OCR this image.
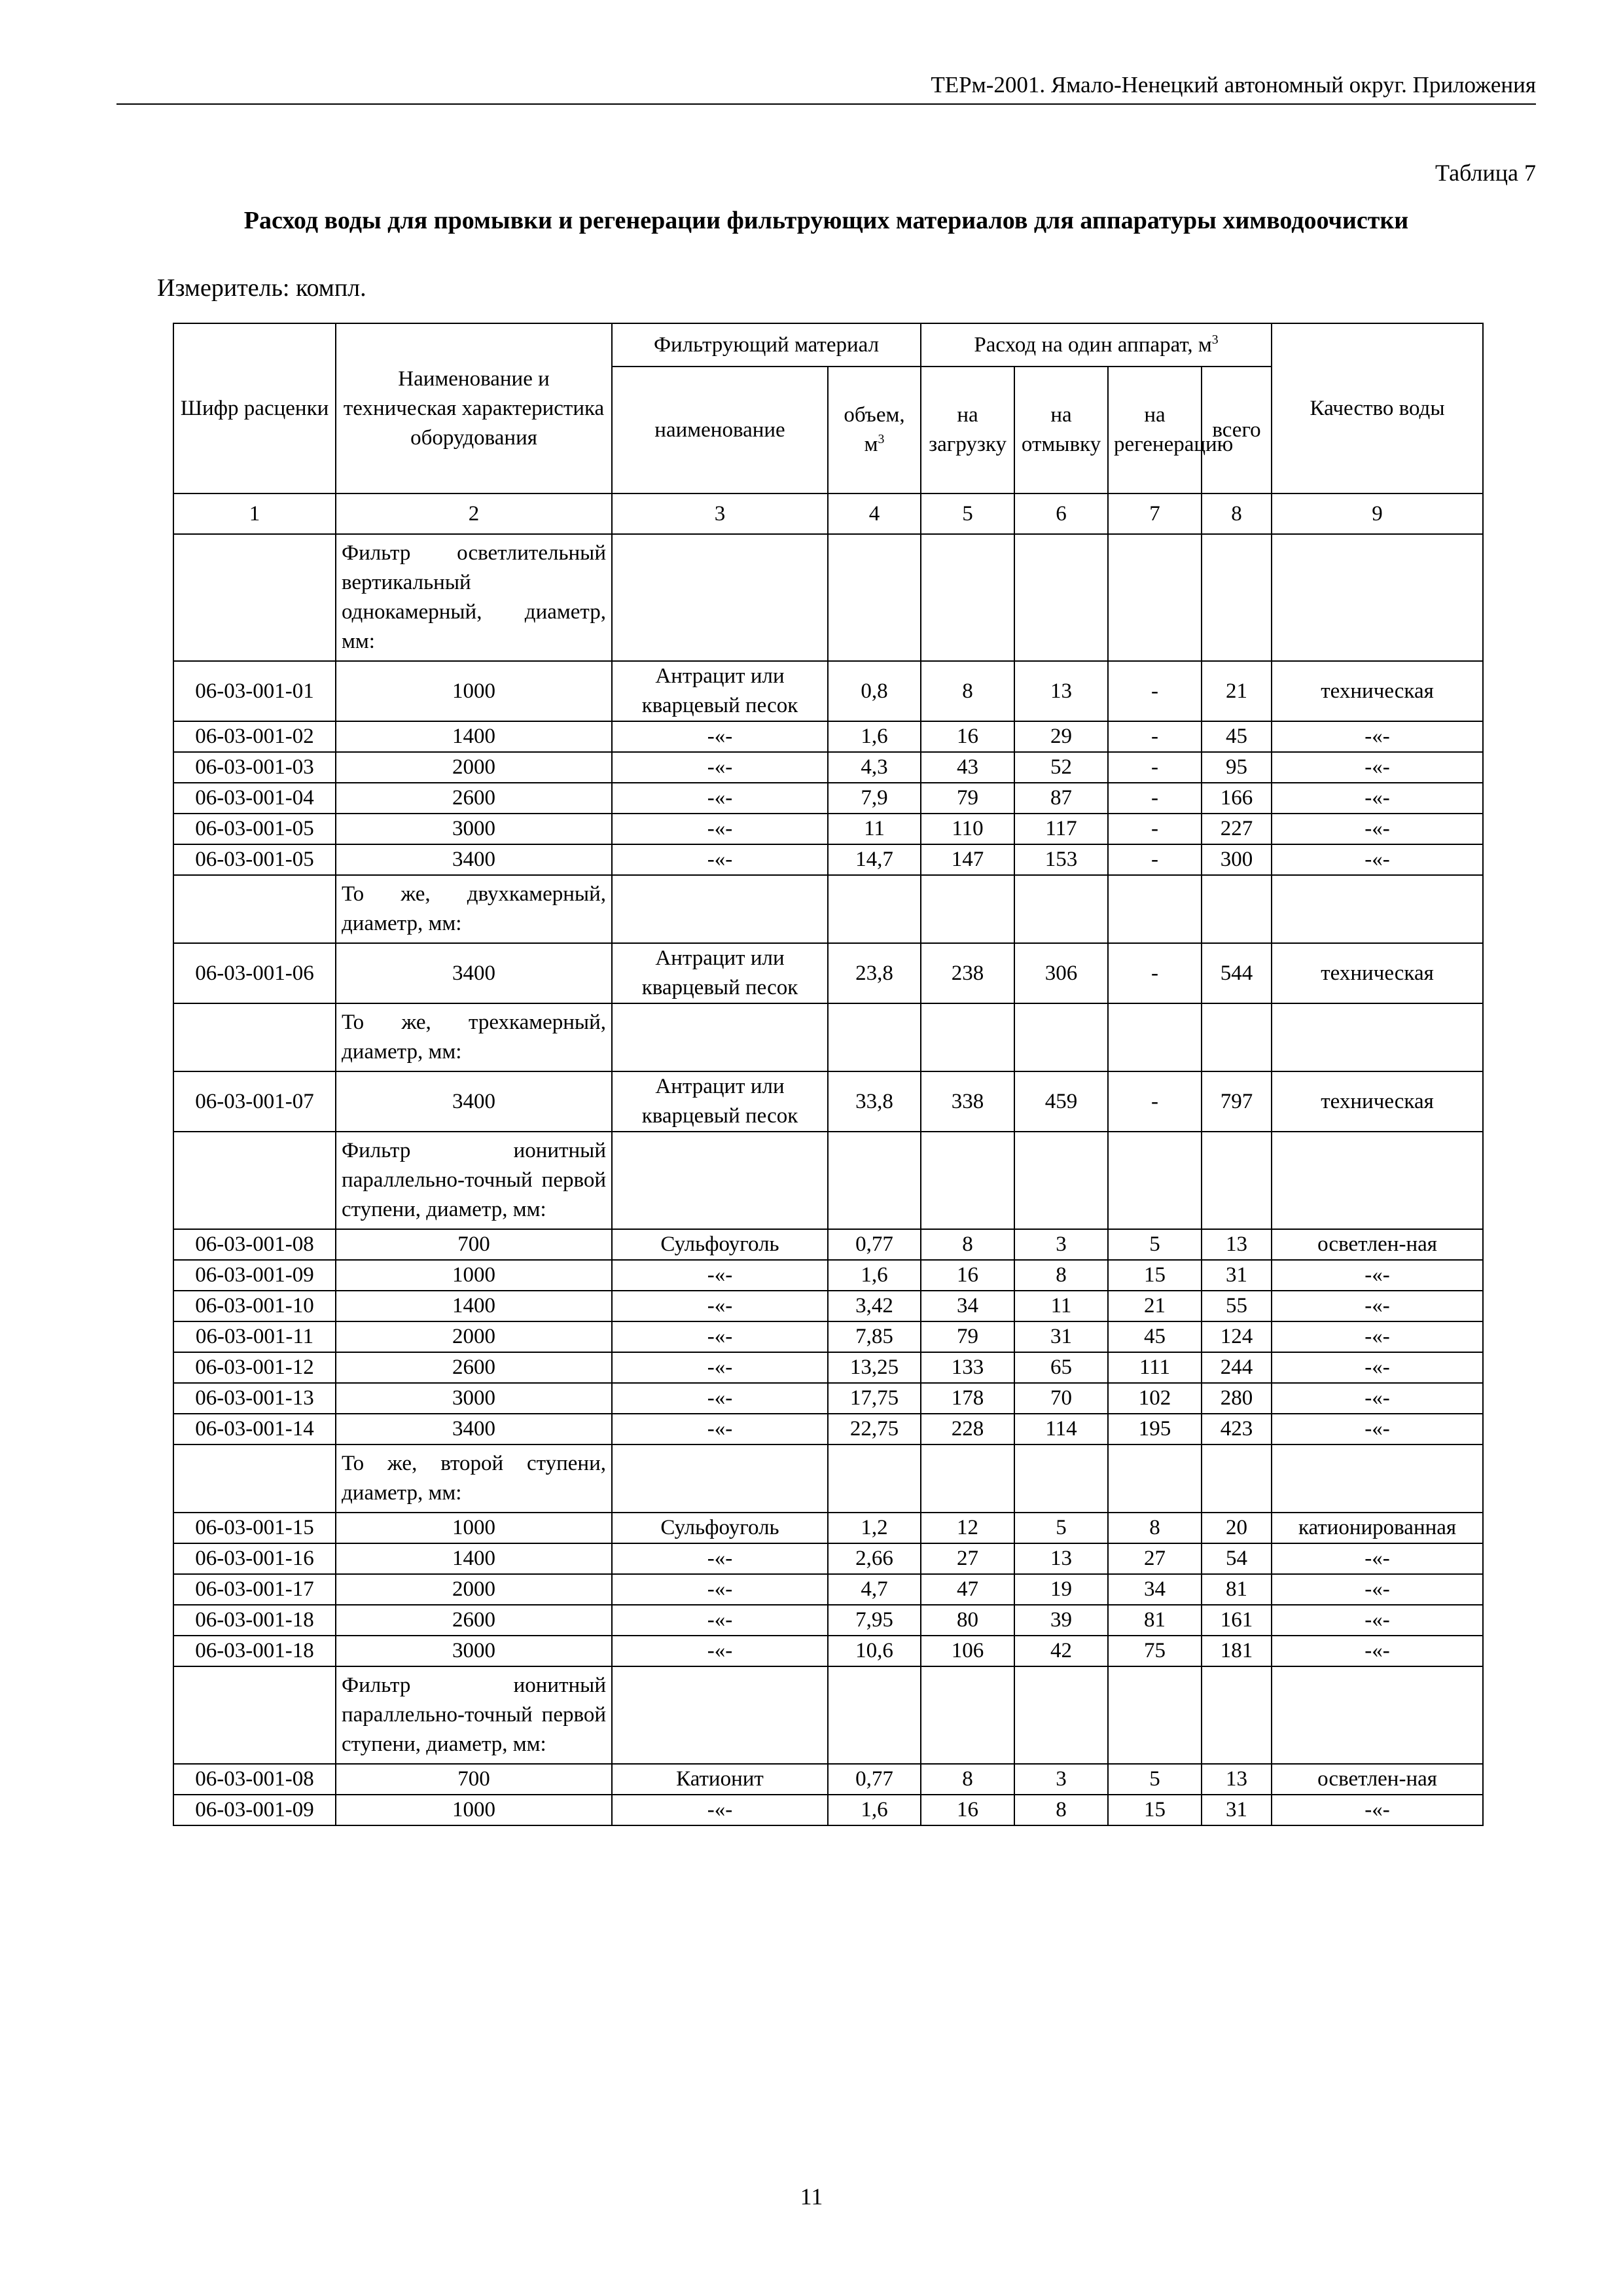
ТЕРм-2001. Ямало-Ненецкий автономный округ. Приложения
Таблица 7
Расход воды для промывки и регенерации фильтрующих материалов для аппаратуры химводоочистки
Измеритель: компл.
Шифр расценки	Наименование и техническая характеристика оборудования	Фильтрующий материал		Расход на один аппарат, $м^3$				Качество воды
		наименование	объем, $м^3$	на загрузку	на отмывку	на регенерацию	всего	
1	2	3	4	5	6	7	8	9
	Фильтр осветлительный вертикальный однокамерный, диаметр, мм:							
06-03-001-01	1000	Антрацит или кварцевый песок	0,8	8	13	-	21	техническая
06-03-001-02	1400	-«-	1,6	16	29	-	45	-«-
06-03-001-03	2000	-«-	4,3	43	52	-	95	-«-
06-03-001-04	2600	-«-	7,9	79	87	-	166	-«-
06-03-001-05	3000	-«-	11	110	117	-	227	-«-
06-03-001-05	3400	-«-	14,7	147	153	-	300	-«-
	То же, двухкамерный, диаметр, мм:							
06-03-001-06	3400	Антрацит или кварцевый песок	23,8	238	306	-	544	техническая
	То же, трехкамерный, диаметр, мм:							
06-03-001-07	3400	Антрацит или кварцевый песок	33,8	338	459	-	797	техническая
	Фильтр ионитный параллельно-точный первой ступени, диаметр, мм:							
06-03-001-08	700	Сульфоуголь	0,77	8	3	5	13	осветлен-ная
06-03-001-09	1000	-«-	1,6	16	8	15	31	-«-
06-03-001-10	1400	-«-	3,42	34	11	21	55	-«-
06-03-001-11	2000	-«-	7,85	79	31	45	124	-«-
06-03-001-12	2600	-«-	13,25	133	65	111	244	-«-
06-03-001-13	3000	-«-	17,75	178	70	102	280	-«-
06-03-001-14	3400	-«-	22,75	228	114	195	423	-«-
	То же, второй ступени, диаметр, мм:							
06-03-001-15	1000	Сульфоуголь	1,2	12	5	8	20	катионированная
06-03-001-16	1400	-«-	2,66	27	13	27	54	-«-
06-03-001-17	2000	-«-	4,7	47	19	34	81	-«-
06-03-001-18	2600	-«-	7,95	80	39	81	161	-«-
06-03-001-18	3000	-«-	10,6	106	42	75	181	-«-
	Фильтр ионитный параллельно-точный первой ступени, диаметр, мм:							
06-03-001-08	700	Катионит	0,77	8	3	5	13	осветлен-ная
06-03-001-09	1000	-«-	1,6	16	8	15	31	-«-
11
